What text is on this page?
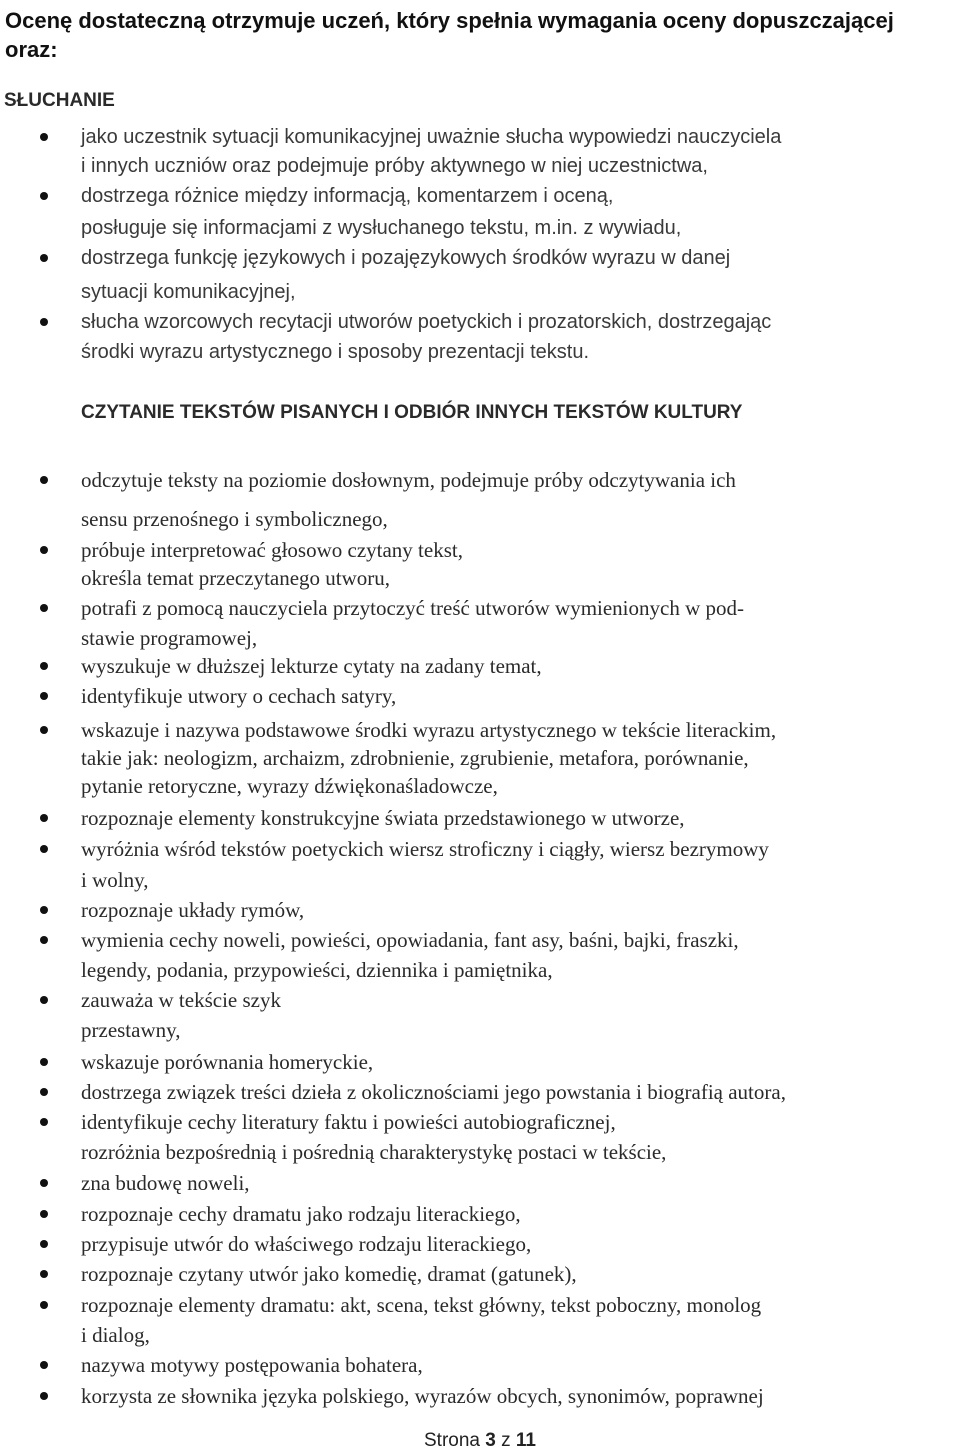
Ocenę dostateczną otrzymuje uczeń, który spełnia wymagania oceny dopuszczającej oraz:
SŁUCHANIE
jako uczestnik sytuacji komunikacyjnej uważnie słucha wypowiedzi nauczyciela
i innych uczniów oraz podejmuje próby aktywnego w niej uczestnictwa,
dostrzega różnice między informacją, komentarzem i oceną,
posługuje się informacjami z wysłuchanego tekstu, m.in. z wywiadu,
dostrzega funkcję językowych i pozajęzykowych środków wyrazu w danej
sytuacji komunikacyjnej,
słucha wzorcowych recytacji utworów poetyckich i prozatorskich, dostrzegając
środki wyrazu artystycznego i sposoby prezentacji tekstu.
CZYTANIE TEKSTÓW PISANYCH I ODBIÓR INNYCH TEKSTÓW KULTURY
odczytuje teksty na poziomie dosłownym, podejmuje próby odczytywania ich
sensu przenośnego i symbolicznego,
próbuje interpretować głosowo czytany tekst,
określa temat przeczytanego utworu,
potrafi z pomocą nauczyciela przytoczyć treść utworów wymienionych w pod-
stawie programowej,
wyszukuje w dłuższej lekturze cytaty na zadany temat,
identyfikuje utwory o cechach satyry,
wskazuje i nazywa podstawowe środki wyrazu artystycznego w tekście literackim,
takie jak: neologizm, archaizm, zdrobnienie, zgrubienie, metafora, porównanie,
pytanie retoryczne, wyrazy dźwiękonaśladowcze,
rozpoznaje elementy konstrukcyjne świata przedstawionego w utworze,
wyróżnia wśród tekstów poetyckich wiersz stroficzny i ciągły, wiersz bezrymowy
i wolny,
rozpoznaje układy rymów,
wymienia cechy noweli, powieści, opowiadania, fant asy, baśni, bajki, fraszki,
legendy, podania, przypowieści, dziennika i pamiętnika,
zauważa w tekście szyk
przestawny,
wskazuje porównania homeryckie,
dostrzega związek treści dzieła z okolicznościami jego powstania i biografią autora,
identyfikuje cechy literatury faktu i powieści autobiograficznej,
rozróżnia bezpośrednią i pośrednią charakterystykę postaci w tekście,
zna budowę noweli,
rozpoznaje cechy dramatu jako rodzaju literackiego,
przypisuje utwór do właściwego rodzaju literackiego,
rozpoznaje czytany utwór jako komedię, dramat (gatunek),
rozpoznaje elementy dramatu: akt, scena, tekst główny, tekst poboczny, monolog
i dialog,
nazywa motywy postępowania bohatera,
korzysta ze słownika języka polskiego, wyrazów obcych, synonimów, poprawnej
Strona 3 z 11
